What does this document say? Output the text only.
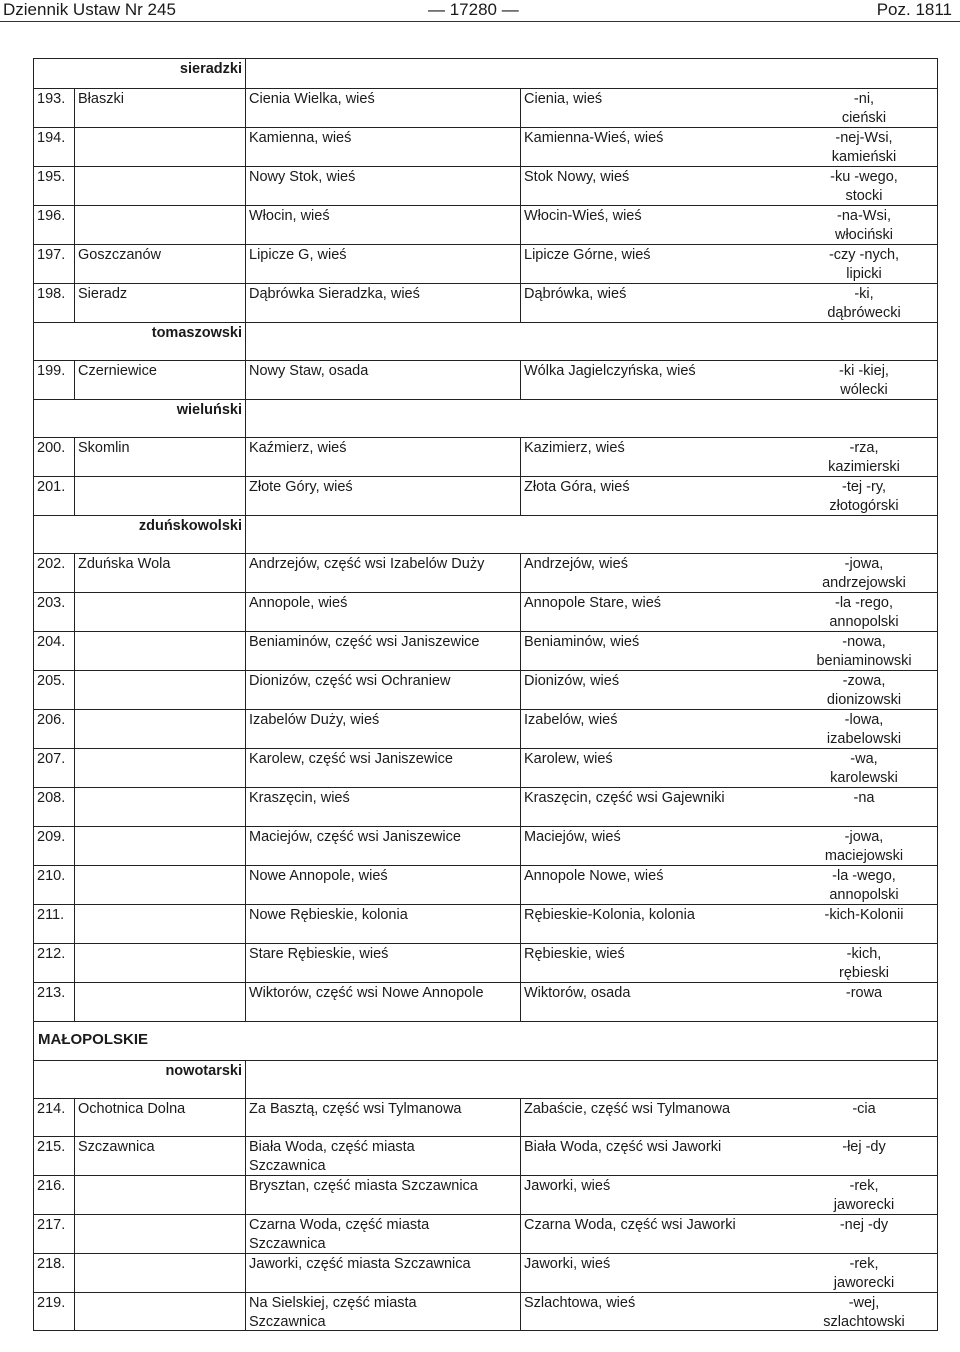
Dziennik Ustaw Nr 245	— 17280 —	Poz. 1811
sieradzki
193. Błaszki	Cienia Wielka, wieś	Cienia, wieś	-ni,
cieński
194.	Kamienna, wieś	Kamienna-Wieś, wieś	-nej-Wsi,
kamieński
195.	Nowy Stok, wieś	Stok Nowy, wieś	-ku -wego,
stocki
196.	Włocin, wieś	Włocin-Wieś, wieś	-na-Wsi,
włociński
197. Goszczanów	Lipicze G, wieś	Lipicze Górne, wieś	-czy -nych,
lipicki
198. Sieradz	Dąbrówka Sieradzka, wieś	Dąbrówka, wieś	-ki,
dąbrówecki
tomaszowski
199. Czerniewice	Nowy Staw, osada	Wólka Jagielczyńska, wieś	-ki -kiej,
wólecki
wieluński
200. Skomlin	Kaźmierz, wieś	Kazimierz, wieś	-rza,
kazimierski
201.	Złote Góry, wieś	Złota Góra, wieś	-tej -ry,
złotogórski
zduńskowolski
202. Zduńska Wola	Andrzejów, część wsi Izabelów Duży	Andrzejów, wieś	-jowa,
andrzejowski
203.	Annopole, wieś	Annopole Stare, wieś	-la -rego,
annopolski
204.	Beniaminów, część wsi Janiszewice	Beniaminów, wieś	-nowa,
beniaminowski
205.	Dionizów, część wsi Ochraniew	Dionizów, wieś	-zowa,
dionizowski
206.	Izabelów Duży, wieś	Izabelów, wieś	-lowa,
izabelowski
207.	Karolew, część wsi Janiszewice	Karolew, wieś	-wa,
karolewski
208.	Kraszęcin, wieś	Kraszęcin, część wsi Gajewniki	-na
209.	Maciejów, część wsi Janiszewice	Maciejów, wieś	-jowa,
maciejowski
210.	Nowe Annopole, wieś	Annopole Nowe, wieś	-la -wego,
annopolski
211.	Nowe Rębieskie, kolonia	Rębieskie-Kolonia, kolonia	-kich-Kolonii
212.	Stare Rębieskie, wieś	Rębieskie, wieś	-kich,
rębieski
213.	Wiktorów, część wsi Nowe Annopole	Wiktorów, osada	-rowa
MAŁOPOLSKIE
nowotarski
214. Ochotnica Dolna	Za Basztą, część wsi Tylmanowa	Zabaście, część wsi Tylmanowa	-cia
215. Szczawnica	Biała Woda, część miasta
Szczawnica
Biała Woda, część wsi Jaworki	-łej -dy
216.	Brysztan, część miasta Szczawnica	Jaworki, wieś	-rek,
jaworecki
217.	Czarna Woda, część miasta
Szczawnica
Czarna Woda, część wsi Jaworki	-nej -dy
218.	Jaworki, część miasta Szczawnica	Jaworki, wieś	-rek,
jaworecki
219.	Na Sielskiej, część miasta
Szczawnica
Szlachtowa, wieś	-wej,
szlachtowski
